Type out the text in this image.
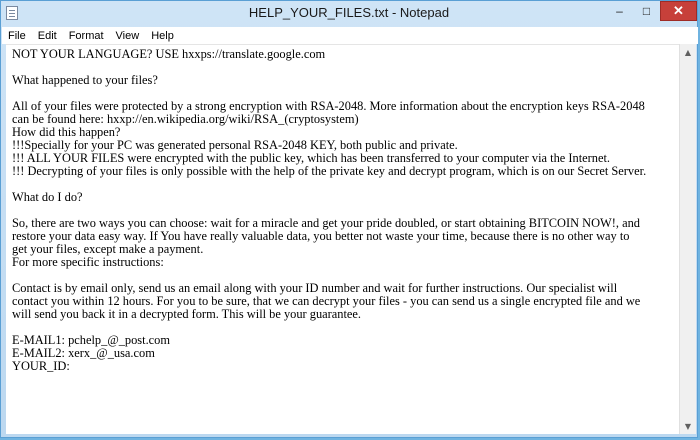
HELP_YOUR_FILES.txt - Notepad	–	□	✕
File	Edit	Format	View	Help
NOT YOUR LANGUAGE? USE hxxps://translate.google.com
What happened to your files?
All of your files were protected by a strong encryption with RSA-2048. More information about the encryption keys RSA-2048
can be found here: hxxp://en.wikipedia.org/wiki/RSA_(cryptosystem)
How did this happen?
!!!Specially for your PC was generated personal RSA-2048 KEY, both public and private.
!!! ALL YOUR FILES were encrypted with the public key, which has been transferred to your computer via the Internet.
!!! Decrypting of your files is only possible with the help of the private key and decrypt program, which is on our Secret Server.
What do I do?
So, there are two ways you can choose: wait for a miracle and get your pride doubled, or start obtaining BITCOIN NOW!, and
restore your data easy way. If You have really valuable data, you better not waste your time, because there is no other way to
get your files, except make a payment.
For more specific instructions:
Contact is by email only, send us an email along with your ID number and wait for further instructions. Our specialist will
contact you within 12 hours. For you to be sure, that we can decrypt your files - you can send us a single encrypted file and we
will send you back it in a decrypted form. This will be your guarantee.
E-MAIL1: pchelp_@_post.com
E-MAIL2: xerx_@_usa.com
YOUR_ID:
▲
▼
